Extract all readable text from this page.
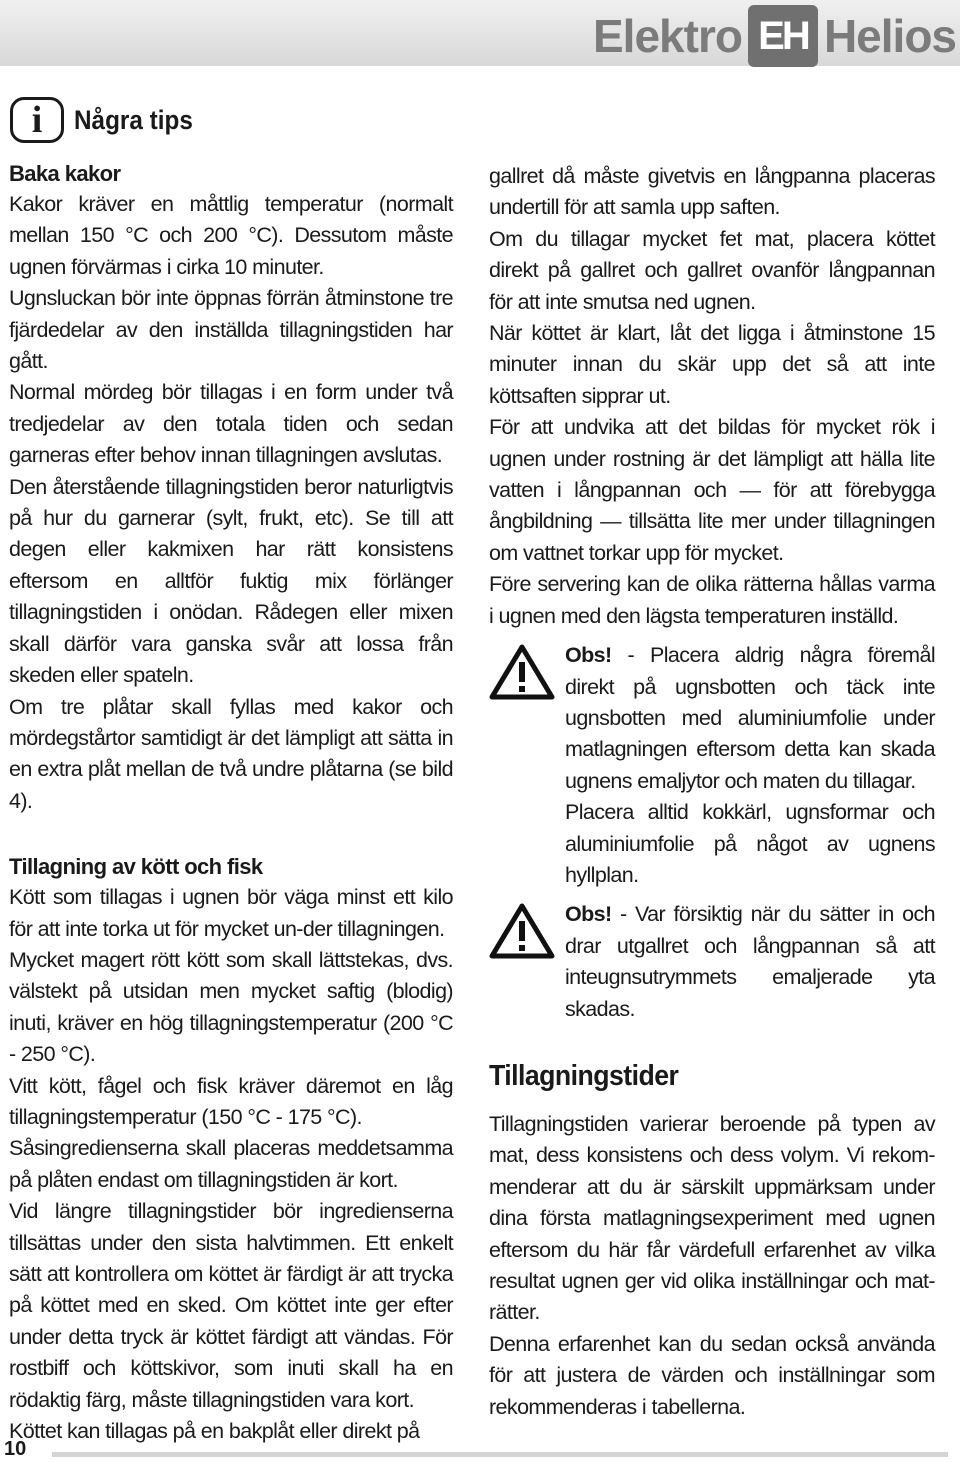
Elektro EH Helios
i	Några tips
Baka kakor

Kakor kräver en måttlig temperatur (normalt mellan 150 °C och 200 °C). Dessutom måste ugnen förvärmas i cirka 10 minuter.

Ugnsluckan bör inte öppnas förrän åtminstone tre fjärdedelar av den inställda tillagningstiden har gått.

Normal mördeg bör tillagas i en form under två tredjedelar av den totala tiden och sedan garneras efter behov innan tillagningen avslutas.

Den återstående tillagningstiden beror naturligtvis på hur du garnerar (sylt, frukt, etc). Se till att degen eller kakmixen har rätt konsistens eftersom en alltför fuktig mix förlänger tillagningstiden i onödan. Rådegen eller mixen skall därför vara ganska svår att lossa från skeden eller spateln.

Om tre plåtar skall fyllas med kakor och mördegstårtor samtidigt är det lämpligt att sätta in en extra plåt mellan de två undre plåtarna (se bild 4).

Tillagning av kött och fisk

Kött som tillagas i ugnen bör väga minst ett kilo för att inte torka ut för mycket un-der tillagningen.

Mycket magert rött kött som skall lättstekas, dvs. välstekt på utsidan men mycket saftig (blodig) inuti, kräver en hög tillagningstemperatur (200 °C - 250 °C).

Vitt kött, fågel och fisk kräver däremot en låg tillagningstemperatur (150 °C - 175 °C).

Såsingredienserna skall placeras meddetsamma på plåten endast om tillagningstiden är kort.

Vid längre tillagningstider bör ingredienserna tillsättas under den sista halvtimmen. Ett enkelt sätt att kontrollera om köttet är färdigt är att trycka på köttet med en sked. Om köttet inte ger efter under detta tryck är köttet färdigt att vändas. För rostbiff och köttskivor, som inuti skall ha en rödaktig färg, måste tillagningstiden vara kort.

Köttet kan tillagas på en bakplåt eller direkt på

gallret då måste givetvis en långpanna placeras undertill för att samla upp saften.

Om du tillagar mycket fet mat, placera köttet direkt på gallret och gallret ovanför långpannan för att inte smutsa ned ugnen.

När köttet är klart, låt det ligga i åtminstone 15 minuter innan du skär upp det så att inte köttsaften sipprar ut.

För att undvika att det bildas för mycket rök i ugnen under rostning är det lämpligt att hälla lite vatten i långpannan och — för att förebygga ångbildning — tillsätta lite mer under tillagningen om vattnet torkar upp för mycket.

Före servering kan de olika rätterna hållas varma i ugnen med den lägsta temperaturen inställd.

Obs! - Placera aldrig några föremål direkt på ugnsbotten och täck inte ugnsbotten med aluminiumfolie under matlagningen eftersom detta kan skada ugnens emaljytor och maten du tillagar.

Placera alltid kokkärl, ugnsformar och aluminiumfolie på något av ugnens hyllplan.

Obs! - Var försiktig när du sätter in och drar utgallret och långpannan så att inteugnsutrymmets emaljerade yta skadas.

Tillagningstider

Tillagningstiden varierar beroende på typen av mat, dess konsistens och dess volym. Vi rekom-menderar att du är särskilt uppmärksam under dina första matlagningsexperiment med ugnen eftersom du här får värdefull erfarenhet av vilka resultat ugnen ger vid olika inställningar och mat-rätter.

Denna erfarenhet kan du sedan också använda för att justera de värden och inställningar som rekommenderas i tabellerna.

10
